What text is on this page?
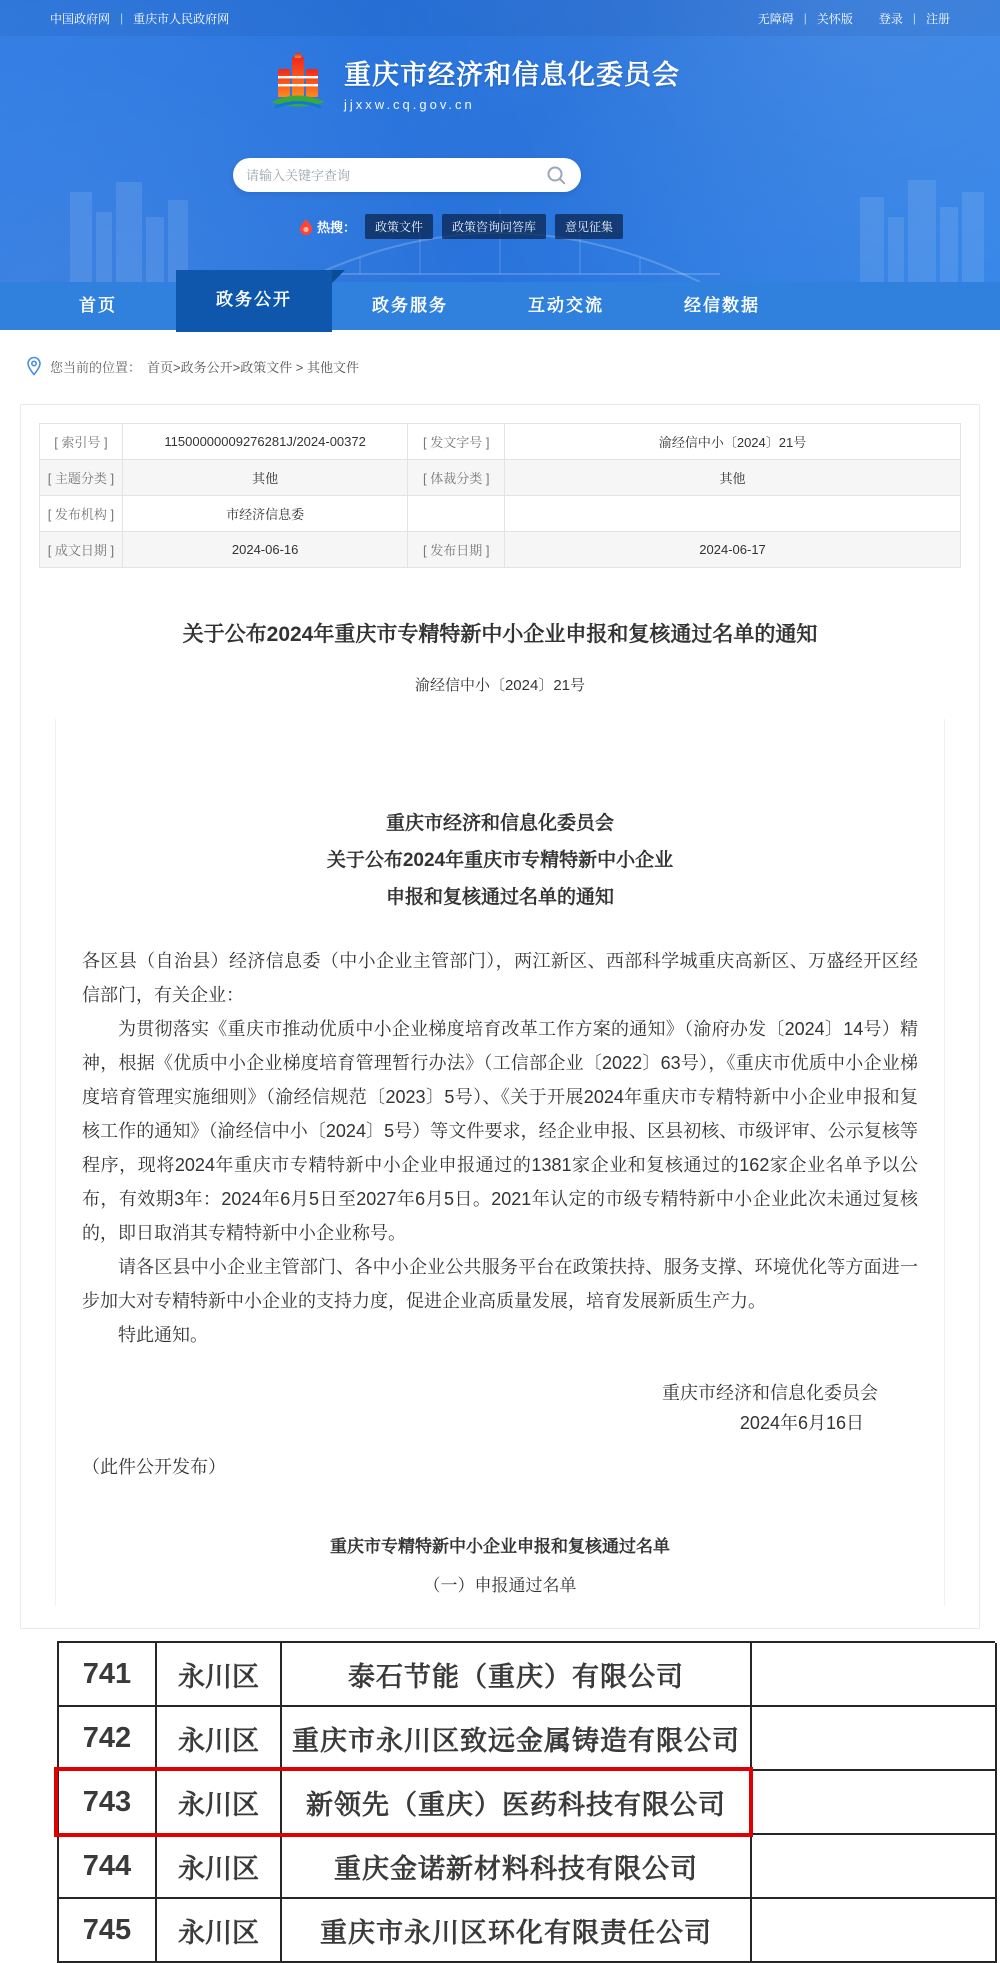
中国政府网 | 重庆市人民政府网	无障碍 | 关怀版 登录 | 注册
重庆市经济和信息化委员会
jjxxw.cq.gov.cn
请输入关键字查询
热搜：	政策文件	政策咨询问答库	意见征集
首页	政务公开	政务服务	互动交流	经信数据
您当前的位置： 首页>政务公开>政策文件 > 其他文件
[ 索引号 ]	11500000009276281J/2024-00372	[ 发文字号 ]	渝经信中小〔2024〕21号
[ 主题分类 ]	其他	[ 体裁分类 ]	其他
[ 发布机构 ]	市经济信息委		
[ 成文日期 ]	2024-06-16	[ 发布日期 ]	2024-06-17
关于公布2024年重庆市专精特新中小企业申报和复核通过名单的通知
渝经信中小〔2024〕21号
重庆市经济和信息化委员会
关于公布2024年重庆市专精特新中小企业
申报和复核通过名单的通知

各区县（自治县）经济信息委（中小企业主管部门），两江新区、西部科学城重庆高新区、万盛经开区经信部门，有关企业：

为贯彻落实《重庆市推动优质中小企业梯度培育改革工作方案的通知》（渝府办发〔2024〕14号）精神，根据《优质中小企业梯度培育管理暂行办法》（工信部企业〔2022〕63号），《重庆市优质中小企业梯度培育管理实施细则》（渝经信规范〔2023〕5号）、《关于开展2024年重庆市专精特新中小企业申报和复核工作的通知》（渝经信中小〔2024〕5号）等文件要求，经企业申报、区县初核、市级评审、公示复核等程序，现将2024年重庆市专精特新中小企业申报通过的1381家企业和复核通过的162家企业名单予以公布，有效期3年：2024年6月5日至2027年6月5日。2021年认定的市级专精特新中小企业此次未通过复核的，即日取消其专精特新中小企业称号。

请各区县中小企业主管部门、各中小企业公共服务平台在政策扶持、服务支撑、环境优化等方面进一步加大对专精特新中小企业的支持力度，促进企业高质量发展，培育发展新质生产力。

特此通知。

重庆市经济和信息化委员会
2024年6月16日
（此件公开发布）
重庆市专精特新中小企业申报和复核通过名单
（一）申报通过名单
741	永川区	泰石节能（重庆）有限公司
742	永川区	重庆市永川区致远金属铸造有限公司
743	永川区	新领先（重庆）医药科技有限公司
744	永川区	重庆金诺新材料科技有限公司
745	永川区	重庆市永川区环化有限责任公司
